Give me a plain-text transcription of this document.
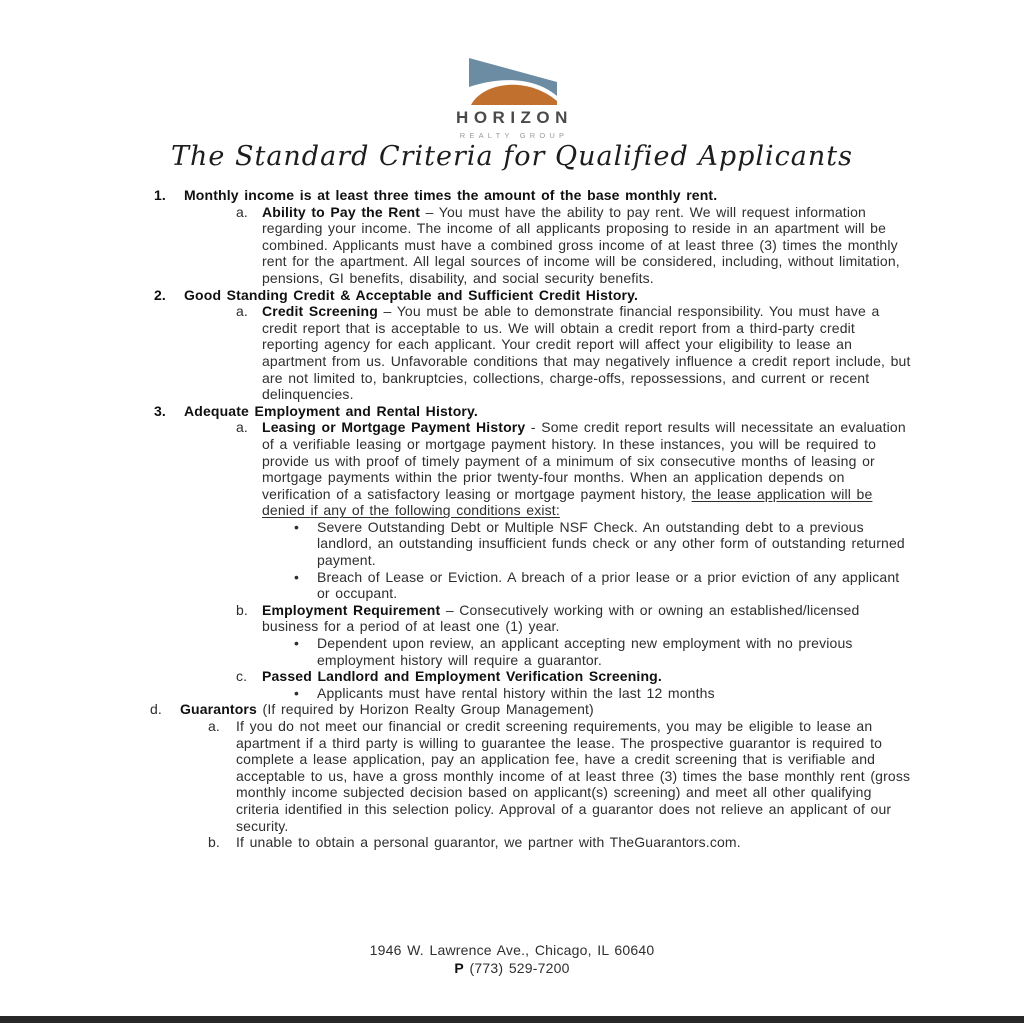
HORIZON
REALTY GROUP
The Standard Criteria for Qualified Applicants
1. Monthly income is at least three times the amount of the base monthly rent.
a. Ability to Pay the Rent – You must have the ability to pay rent. We will request information regarding your income. The income of all applicants proposing to reside in an apartment will be combined. Applicants must have a combined gross income of at least three (3) times the monthly rent for the apartment. All legal sources of income will be considered, including, without limitation, pensions, GI benefits, disability, and social security benefits.
2. Good Standing Credit & Acceptable and Sufficient Credit History.
a. Credit Screening – You must be able to demonstrate financial responsibility. You must have a credit report that is acceptable to us. We will obtain a credit report from a third-party credit reporting agency for each applicant. Your credit report will affect your eligibility to lease an apartment from us. Unfavorable conditions that may negatively influence a credit report include, but are not limited to, bankruptcies, collections, charge-offs, repossessions, and current or recent delinquencies.
3. Adequate Employment and Rental History.
a. Leasing or Mortgage Payment History - Some credit report results will necessitate an evaluation of a verifiable leasing or mortgage payment history. In these instances, you will be required to provide us with proof of timely payment of a minimum of six consecutive months of leasing or mortgage payments within the prior twenty-four months. When an application depends on verification of a satisfactory leasing or mortgage payment history, the lease application will be denied if any of the following conditions exist:
• Severe Outstanding Debt or Multiple NSF Check. An outstanding debt to a previous landlord, an outstanding insufficient funds check or any other form of outstanding returned payment.
• Breach of Lease or Eviction. A breach of a prior lease or a prior eviction of any applicant or occupant.
b. Employment Requirement – Consecutively working with or owning an established/licensed business for a period of at least one (1) year.
• Dependent upon review, an applicant accepting new employment with no previous employment history will require a guarantor.
c. Passed Landlord and Employment Verification Screening.
• Applicants must have rental history within the last 12 months
d. Guarantors (If required by Horizon Realty Group Management)
a. If you do not meet our financial or credit screening requirements, you may be eligible to lease an apartment if a third party is willing to guarantee the lease. The prospective guarantor is required to complete a lease application, pay an application fee, have a credit screening that is verifiable and acceptable to us, have a gross monthly income of at least three (3) times the base monthly rent (gross monthly income subjected decision based on applicant(s) screening) and meet all other qualifying criteria identified in this selection policy. Approval of a guarantor does not relieve an applicant of our security.
b. If unable to obtain a personal guarantor, we partner with TheGuarantors.com.
1946 W. Lawrence Ave., Chicago, IL 60640
P (773) 529-7200
